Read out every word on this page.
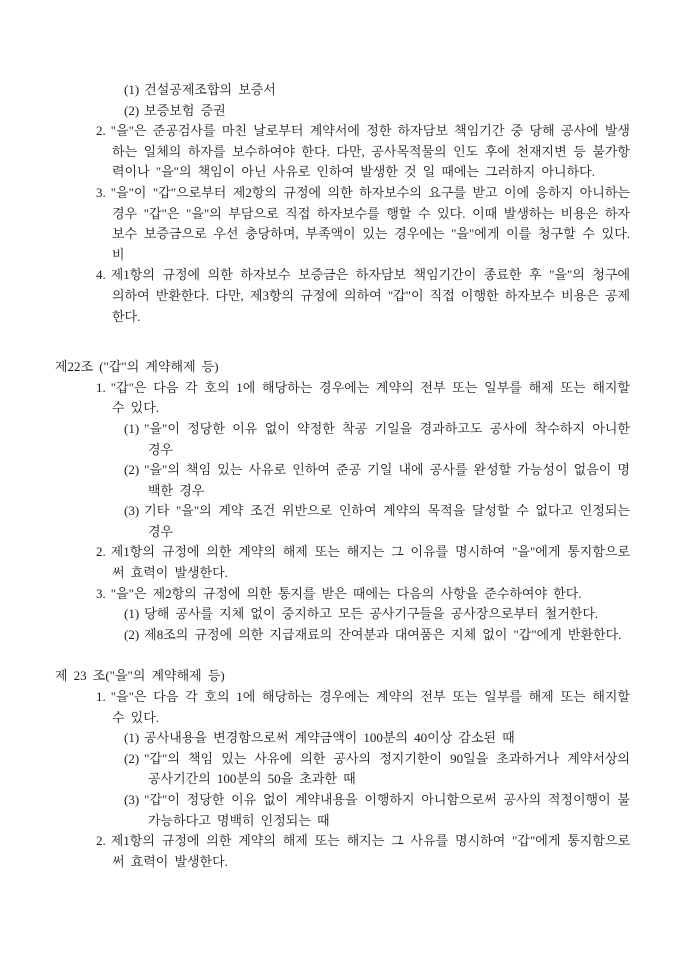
(1) 건설공제조합의 보증서
(2) 보증보험 증권
2. "을"은 준공검사를 마친 날로부터 계약서에 정한 하자담보 책임기간 중 당해 공사에 발생하는 일체의 하자를 보수하여야 한다. 다만, 공사목적물의 인도 후에 천재지변 등 불가항력이나 "을"의 책임이 아닌 사유로 인하여 발생한 것 일 때에는 그러하지 아니하다.
3. "을"이 "갑"으로부터 제2항의 규정에 의한 하자보수의 요구를 받고 이에 응하지 아니하는 경우 "갑"은 "을"의 부담으로 직접 하자보수를 행할 수 있다. 이때 발생하는 비용은 하자보수 보증금으로 우선 충당하며, 부족액이 있는 경우에는 "을"에게 이를 청구할 수 있다.비
4. 제1항의 규정에 의한 하자보수 보증금은 하자담보 책임기간이 종료한 후 "을"의 청구에 의하여 반환한다. 다만, 제3항의 규정에 의하여 "갑"이 직접 이행한 하자보수 비용은 공제한다.
제22조 ("갑"의 계약해제 등)
1. "갑"은 다음 각 호의 1에 해당하는 경우에는 계약의 전부 또는 일부를 해제 또는 해지할 수 있다.
(1) "을"이 정당한 이유 없이 약정한 착공 기일을 경과하고도 공사에 착수하지 아니한 경우
(2) "을"의 책임 있는 사유로 인하여 준공 기일 내에 공사를 완성할 가능성이 없음이 명백한 경우
(3) 기타 "을"의 계약 조건 위반으로 인하여 계약의 목적을 달성할 수 없다고 인정되는 경우
2. 제1항의 규정에 의한 계약의 해제 또는 해지는 그 이유를 명시하여 "을"에게 통지함으로써 효력이 발생한다.
3. "을"은 제2항의 규정에 의한 통지를 받은 때에는 다음의 사항을 준수하여야 한다.
(1) 당해 공사를 지체 없이 중지하고 모든 공사기구들을 공사장으로부터 철거한다.
(2) 제8조의 규정에 의한 지급재료의 잔여분과 대여품은 지체 없이 "갑"에게 반환한다.
제 23 조("을"의 계약해제 등)
1. "을"은 다음 각 호의 1에 해당하는 경우에는 계약의 전부 또는 일부를 해제 또는 해지할 수 있다.
(1) 공사내용을 변경함으로써 계약금액이 100분의 40이상 감소된 때
(2) "갑"의 책임 있는 사유에 의한 공사의 정지기한이 90일을 초과하거나 계약서상의 공사기간의 100분의 50을 초과한 때
(3) "갑"이 정당한 이유 없이 계약내용을 이행하지 아니함으로써 공사의 적정이행이 불가능하다고 명백히 인정되는 때
2. 제1항의 규정에 의한 계약의 해제 또는 해지는 그 사유를 명시하여 "갑"에게 통지함으로써 효력이 발생한다.
